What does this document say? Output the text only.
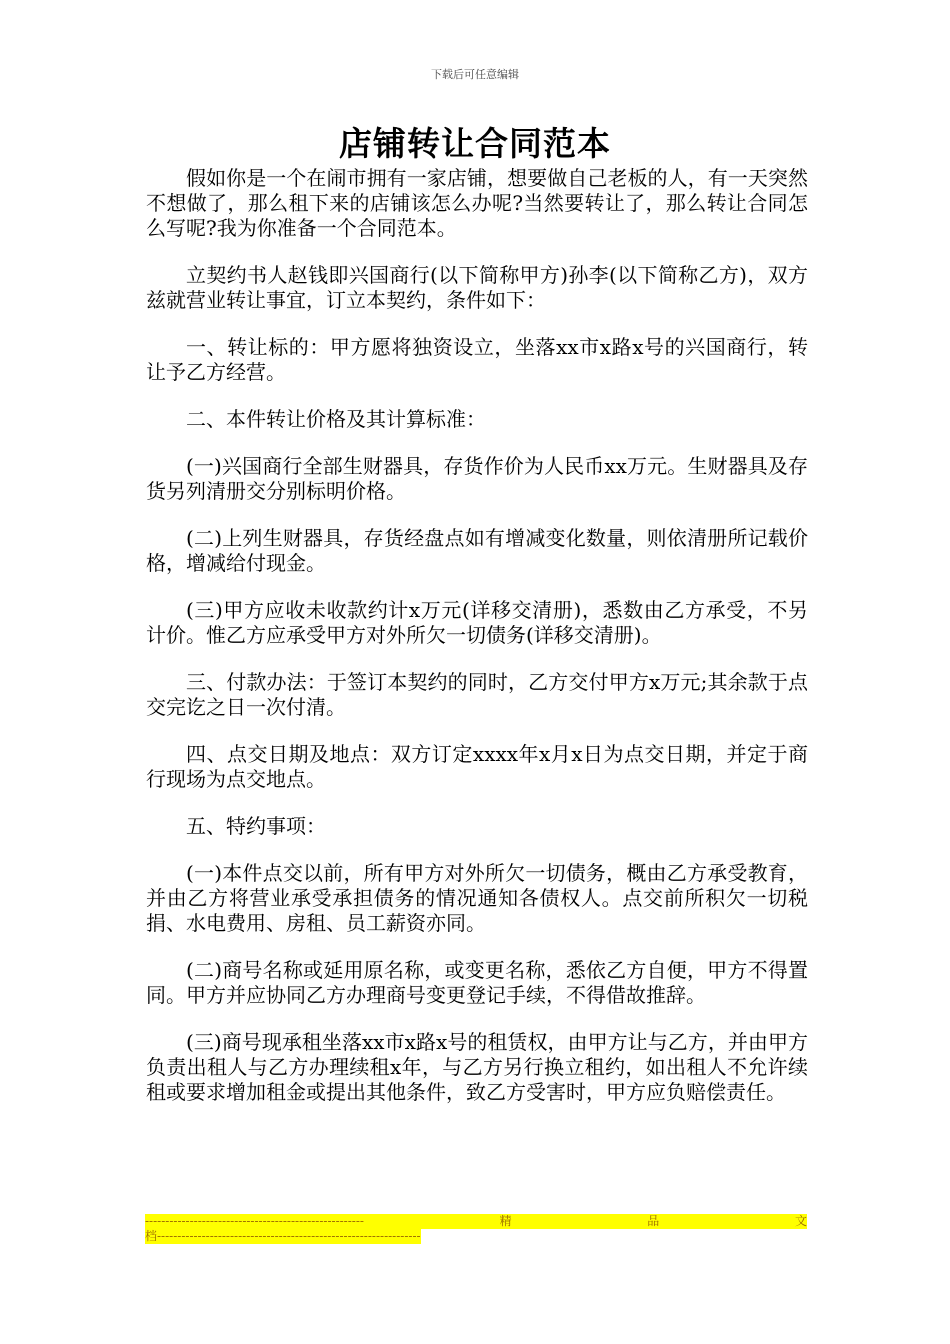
下载后可任意编辑
店铺转让合同范本

假如你是一个在闹市拥有一家店铺，想要做自己老板的人，有一天突然不想做了，那么租下来的店铺该怎么办呢?当然要转让了，那么转让合同怎么写呢?我为你准备一个合同范本。

立契约书人赵钱即兴国商行(以下简称甲方)孙李(以下简称乙方)，双方兹就营业转让事宜，订立本契约，条件如下：

一、转让标的：甲方愿将独资设立，坐落xx市x路x号的兴国商行，转让予乙方经营。

二、本件转让价格及其计算标准：

(一)兴国商行全部生财器具，存货作价为人民币xx万元。生财器具及存货另列清册交分别标明价格。

(二)上列生财器具，存货经盘点如有增减变化数量，则依清册所记载价格，增减给付现金。

(三)甲方应收未收款约计x万元(详移交清册)，悉数由乙方承受，不另计价。惟乙方应承受甲方对外所欠一切债务(详移交清册)。

三、付款办法：于签订本契约的同时，乙方交付甲方x万元;其余款于点交完讫之日一次付清。

四、点交日期及地点：双方订定xxxx年x月x日为点交日期，并定于商行现场为点交地点。

五、特约事项：

(一)本件点交以前，所有甲方对外所欠一切债务，概由乙方承受教育，并由乙方将营业承受承担债务的情况通知各债权人。点交前所积欠一切税捐、水电费用、房租、员工薪资亦同。

(二)商号名称或延用原名称，或变更名称，悉依乙方自便，甲方不得置同。甲方并应协同乙方办理商号变更登记手续，不得借故推辞。

(三)商号现承租坐落xx市x路x号的租赁权，由甲方让与乙方，并由甲方负责出租人与乙方办理续租x年，与乙方另行换立租约，如出租人不允许续租或要求增加租金或提出其他条件，致乙方受害时，甲方应负赔偿责任。

------------------------------------------------------	精	品	文
档-----------------------------------------------------------------
